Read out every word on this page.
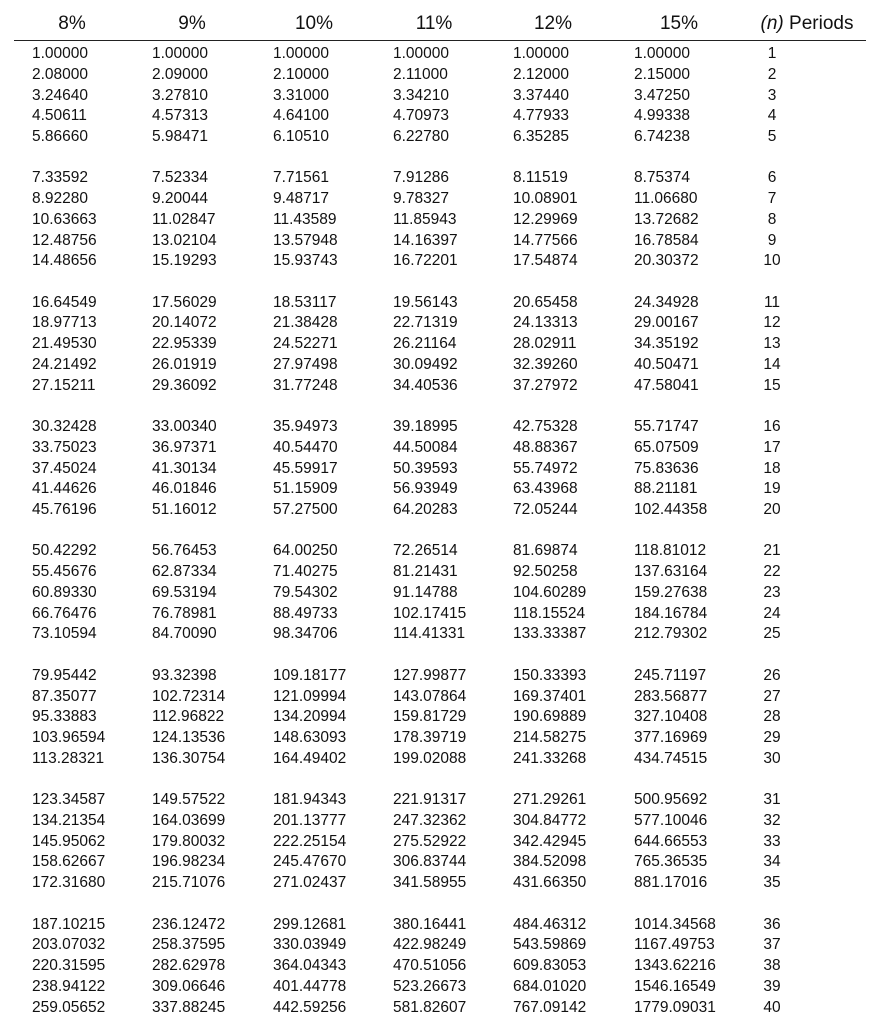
8%	9%	10%	11%	12%	15%	(n) Periods
1.00000	1.00000	1.00000	1.00000	1.00000	1.00000	1
2.08000	2.09000	2.10000	2.11000	2.12000	2.15000	2
3.24640	3.27810	3.31000	3.34210	3.37440	3.47250	3
4.50611	4.57313	4.64100	4.70973	4.77933	4.99338	4
5.86660	5.98471	6.10510	6.22780	6.35285	6.74238	5
7.33592	7.52334	7.71561	7.91286	8.11519	8.75374	6
8.92280	9.20044	9.48717	9.78327	10.08901	11.06680	7
10.63663	11.02847	11.43589	11.85943	12.29969	13.72682	8
12.48756	13.02104	13.57948	14.16397	14.77566	16.78584	9
14.48656	15.19293	15.93743	16.72201	17.54874	20.30372	10
16.64549	17.56029	18.53117	19.56143	20.65458	24.34928	11
18.97713	20.14072	21.38428	22.71319	24.13313	29.00167	12
21.49530	22.95339	24.52271	26.21164	28.02911	34.35192	13
24.21492	26.01919	27.97498	30.09492	32.39260	40.50471	14
27.15211	29.36092	31.77248	34.40536	37.27972	47.58041	15
30.32428	33.00340	35.94973	39.18995	42.75328	55.71747	16
33.75023	36.97371	40.54470	44.50084	48.88367	65.07509	17
37.45024	41.30134	45.59917	50.39593	55.74972	75.83636	18
41.44626	46.01846	51.15909	56.93949	63.43968	88.21181	19
45.76196	51.16012	57.27500	64.20283	72.05244	102.44358	20
50.42292	56.76453	64.00250	72.26514	81.69874	118.81012	21
55.45676	62.87334	71.40275	81.21431	92.50258	137.63164	22
60.89330	69.53194	79.54302	91.14788	104.60289	159.27638	23
66.76476	76.78981	88.49733	102.17415	118.15524	184.16784	24
73.10594	84.70090	98.34706	114.41331	133.33387	212.79302	25
79.95442	93.32398	109.18177	127.99877	150.33393	245.71197	26
87.35077	102.72314	121.09994	143.07864	169.37401	283.56877	27
95.33883	112.96822	134.20994	159.81729	190.69889	327.10408	28
103.96594	124.13536	148.63093	178.39719	214.58275	377.16969	29
113.28321	136.30754	164.49402	199.02088	241.33268	434.74515	30
123.34587	149.57522	181.94343	221.91317	271.29261	500.95692	31
134.21354	164.03699	201.13777	247.32362	304.84772	577.10046	32
145.95062	179.80032	222.25154	275.52922	342.42945	644.66553	33
158.62667	196.98234	245.47670	306.83744	384.52098	765.36535	34
172.31680	215.71076	271.02437	341.58955	431.66350	881.17016	35
187.10215	236.12472	299.12681	380.16441	484.46312	1014.34568	36
203.07032	258.37595	330.03949	422.98249	543.59869	1167.49753	37
220.31595	282.62978	364.04343	470.51056	609.83053	1343.62216	38
238.94122	309.06646	401.44778	523.26673	684.01020	1546.16549	39
259.05652	337.88245	442.59256	581.82607	767.09142	1779.09031	40
